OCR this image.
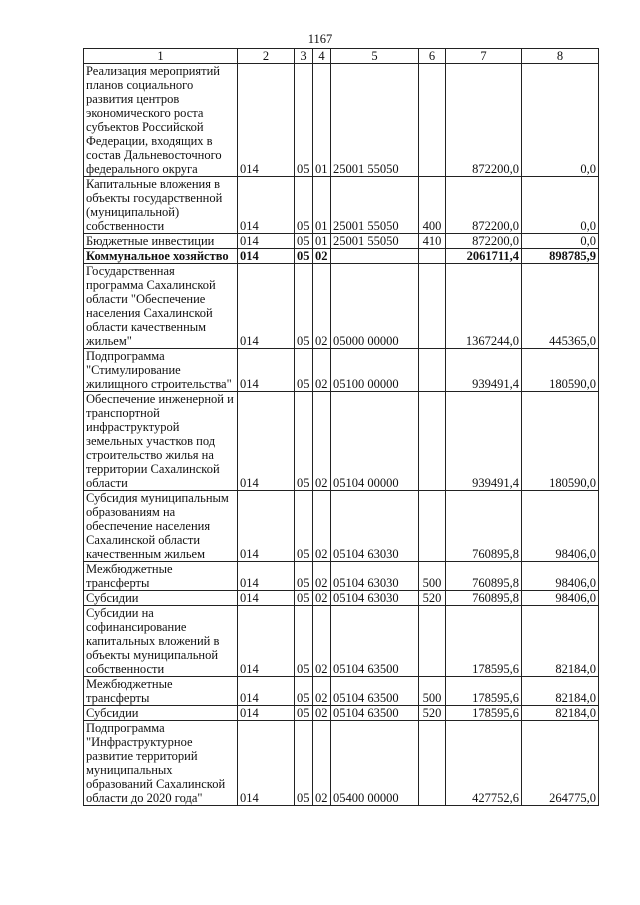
1167
1	2	3	4	5	6	7	8
Реализация мероприятий планов социального развития центров экономического роста субъектов Российской Федерации, входящих в состав Дальневосточного федерального округа	014	05	01	25001 55050		872200,0	0,0
Капитальные вложения в объекты государственной (муниципальной) собственности	014	05	01	25001 55050	400	872200,0	0,0
Бюджетные инвестиции	014	05	01	25001 55050	410	872200,0	0,0
Коммунальное хозяйство	014	05	02			2061711,4	898785,9
Государственная программа Сахалинской области "Обеспечение населения Сахалинской области качественным жильем"	014	05	02	05000 00000		1367244,0	445365,0
Подпрограмма "Стимулирование жилищного строительства"	014	05	02	05100 00000		939491,4	180590,0
Обеспечение инженерной и транспортной инфраструктурой земельных участков под строительство жилья на территории Сахалинской области	014	05	02	05104 00000		939491,4	180590,0
Субсидия муниципальным образованиям на обеспечение населения Сахалинской области качественным жильем	014	05	02	05104 63030		760895,8	98406,0
Межбюджетные трансферты	014	05	02	05104 63030	500	760895,8	98406,0
Субсидии	014	05	02	05104 63030	520	760895,8	98406,0
Субсидии на софинансирование капитальных вложений в объекты муниципальной собственности	014	05	02	05104 63500		178595,6	82184,0
Межбюджетные трансферты	014	05	02	05104 63500	500	178595,6	82184,0
Субсидии	014	05	02	05104 63500	520	178595,6	82184,0
Подпрограмма "Инфраструктурное развитие территорий муниципальных образований Сахалинской области до 2020 года"	014	05	02	05400 00000		427752,6	264775,0
